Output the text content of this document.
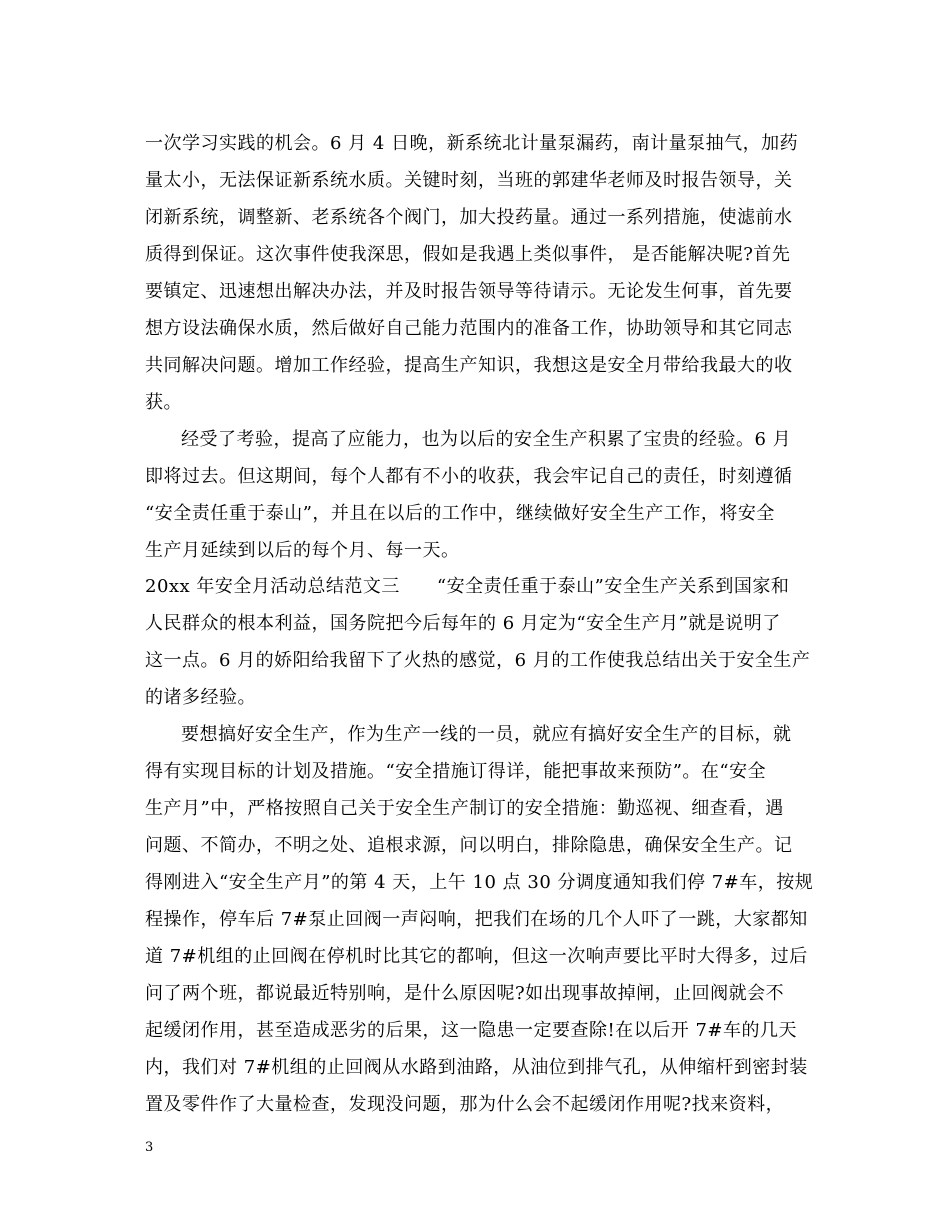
一次学习实践的机会。6 月 4 日晚，新系统北计量泵漏药，南计量泵抽气，加药
量太小，无法保证新系统水质。关键时刻，当班的郭建华老师及时报告领导，关
闭新系统，调整新、老系统各个阀门，加大投药量。通过一系列措施，使滤前水
质得到保证。这次事件使我深思，假如是我遇上类似事件， 是否能解决呢?首先
要镇定、迅速想出解决办法，并及时报告领导等待请示。无论发生何事，首先要
想方设法确保水质，然后做好自己能力范围内的准备工作，协助领导和其它同志
共同解决问题。增加工作经验，提高生产知识，我想这是安全月带给我最大的收
获。
经受了考验，提高了应能力，也为以后的安全生产积累了宝贵的经验。6 月
即将过去。但这期间，每个人都有不小的收获，我会牢记自己的责任，时刻遵循
“安全责任重于泰山”，并且在以后的工作中，继续做好安全生产工作，将安全
生产月延续到以后的每个月、每一天。
20xx 年安全月活动总结范文三　　“安全责任重于泰山”安全生产关系到国家和
人民群众的根本利益，国务院把今后每年的 6 月定为“安全生产月”就是说明了
这一点。6 月的娇阳给我留下了火热的感觉，6 月的工作使我总结出关于安全生产
的诸多经验。
要想搞好安全生产，作为生产一线的一员，就应有搞好安全生产的目标，就
得有实现目标的计划及措施。“安全措施订得详，能把事故来预防”。在“安全
生产月”中，严格按照自己关于安全生产制订的安全措施：勤巡视、细查看，遇
问题、不简办，不明之处、追根求源，问以明白，排除隐患，确保安全生产。记
得刚进入“安全生产月”的第 4 天，上午 10 点 30 分调度通知我们停 7#车，按规
程操作，停车后 7#泵止回阀一声闷响，把我们在场的几个人吓了一跳，大家都知
道 7#机组的止回阀在停机时比其它的都响，但这一次响声要比平时大得多，过后
问了两个班，都说最近特别响，是什么原因呢?如出现事故掉闸，止回阀就会不
起缓闭作用，甚至造成恶劣的后果，这一隐患一定要查除!在以后开 7#车的几天
内，我们对 7#机组的止回阀从水路到油路，从油位到排气孔，从伸缩杆到密封装
置及零件作了大量检查，发现没问题，那为什么会不起缓闭作用呢?找来资料，
3
